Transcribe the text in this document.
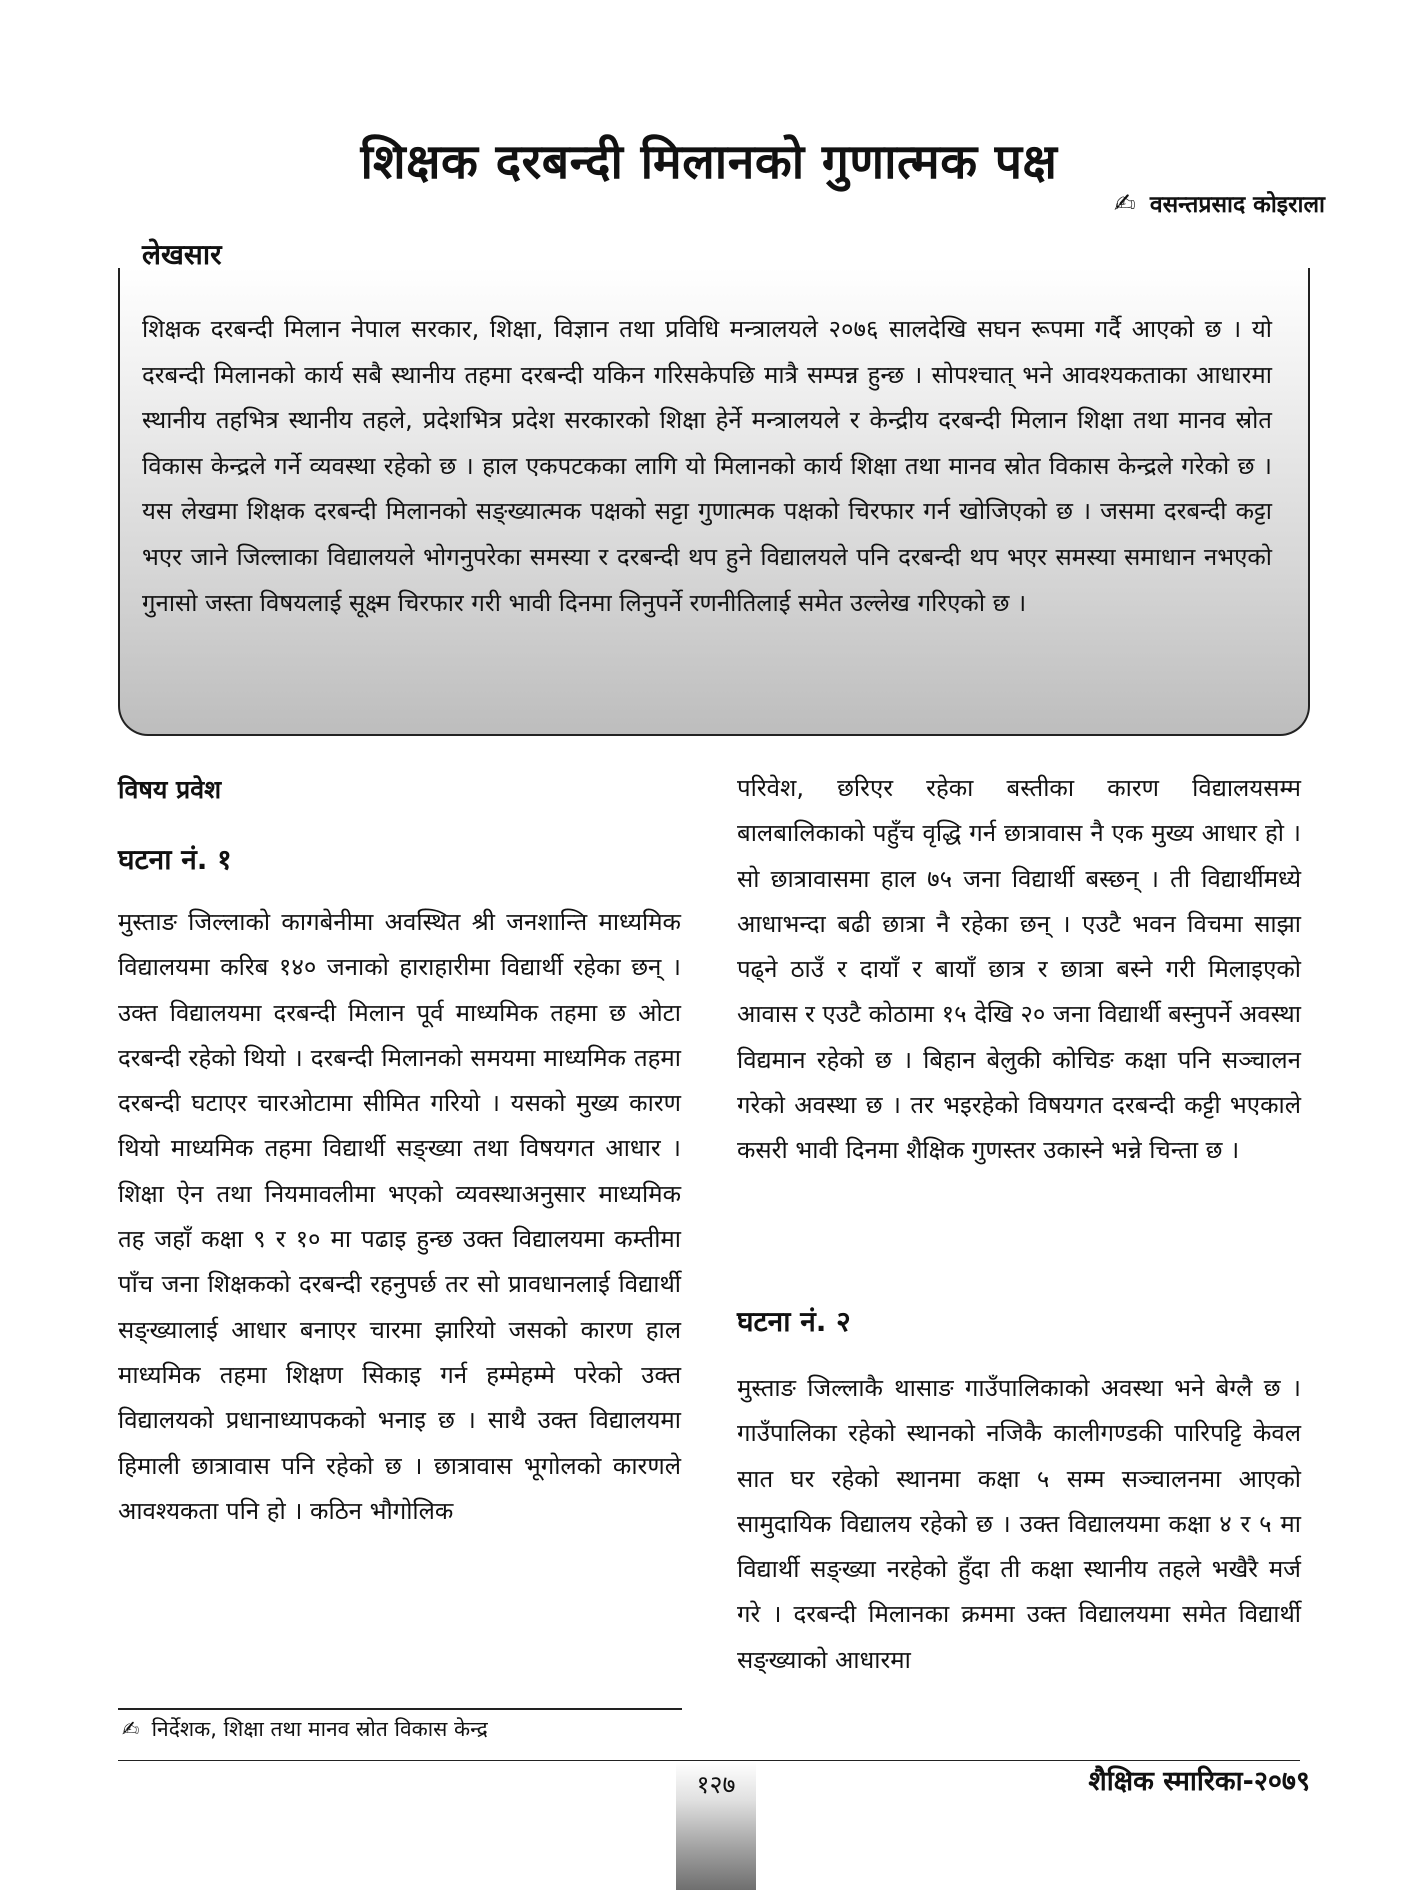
शिक्षक दरबन्दी मिलानको गुणात्मक पक्ष
✍ वसन्तप्रसाद कोइराला
लेखसार
शिक्षक दरबन्दी मिलान नेपाल सरकार, शिक्षा, विज्ञान तथा प्रविधि मन्त्रालयले २०७६ सालदेखि सघन रूपमा गर्दै आएको छ । यो दरबन्दी मिलानको कार्य सबै स्थानीय तहमा दरबन्दी यकिन गरिसकेपछि मात्रै सम्पन्न हुन्छ । सोपश्चात् भने आवश्यकताका आधारमा स्थानीय तहभित्र स्थानीय तहले, प्रदेशभित्र प्रदेश सरकारको शिक्षा हेर्ने मन्त्रालयले र केन्द्रीय दरबन्दी मिलान शिक्षा तथा मानव स्रोत विकास केन्द्रले गर्ने व्यवस्था रहेको छ । हाल एकपटकका लागि यो मिलानको कार्य शिक्षा तथा मानव स्रोत विकास केन्द्रले गरेको छ । यस लेखमा शिक्षक दरबन्दी मिलानको सङ्ख्यात्मक पक्षको सट्टा गुणात्मक पक्षको चिरफार गर्न खोजिएको छ । जसमा दरबन्दी कट्टा भएर जाने जिल्लाका विद्यालयले भोगनुपरेका समस्या र दरबन्दी थप हुने विद्यालयले पनि दरबन्दी थप भएर समस्या समाधान नभएको गुनासो जस्ता विषयलाई सूक्ष्म चिरफार गरी भावी दिनमा लिनुपर्ने रणनीतिलाई समेत उल्लेख गरिएको छ ।
विषय प्रवेश
घटना नं. १
मुस्ताङ जिल्लाको कागबेनीमा अवस्थित श्री जनशान्ति माध्यमिक विद्यालयमा करिब १४० जनाको हाराहारीमा विद्यार्थी रहेका छन् । उक्त विद्यालयमा दरबन्दी मिलान पूर्व माध्यमिक तहमा छ ओटा दरबन्दी रहेको थियो । दरबन्दी मिलानको समयमा माध्यमिक तहमा दरबन्दी घटाएर चारओटामा सीमित गरियो । यसको मुख्य कारण थियो माध्यमिक तहमा विद्यार्थी सङ्ख्या तथा विषयगत आधार । शिक्षा ऐन तथा नियमावलीमा भएको व्यवस्थाअनुसार माध्यमिक तह जहाँ कक्षा ९ र १० मा पढाइ हुन्छ उक्त विद्यालयमा कम्तीमा पाँच जना शिक्षकको दरबन्दी रहनुपर्छ तर सो प्रावधानलाई विद्यार्थी सङ्ख्यालाई आधार बनाएर चारमा झारियो जसको कारण हाल माध्यमिक तहमा शिक्षण सिकाइ गर्न हम्मेहम्मे परेको उक्त विद्यालयको प्रधानाध्यापकको भनाइ छ । साथै उक्त विद्यालयमा हिमाली छात्रावास पनि रहेको छ । छात्रावास भूगोलको कारणले आवश्यकता पनि हो । कठिन भौगोलिक
परिवेश, छरिएर रहेका बस्तीका कारण विद्यालयसम्म बालबालिकाको पहुँच वृद्धि गर्न छात्रावास नै एक मुख्य आधार हो । सो छात्रावासमा हाल ७५ जना विद्यार्थी बस्छन् । ती विद्यार्थीमध्ये आधाभन्दा बढी छात्रा नै रहेका छन् । एउटै भवन विचमा साझा पढ्ने ठाउँ र दायाँ र बायाँ छात्र र छात्रा बस्ने गरी मिलाइएको आवास र एउटै कोठामा १५ देखि २० जना विद्यार्थी बस्नुपर्ने अवस्था विद्यमान रहेको छ । बिहान बेलुकी कोचिङ कक्षा पनि सञ्चालन गरेको अवस्था छ । तर भइरहेको विषयगत दरबन्दी कट्टी भएकाले कसरी भावी दिनमा शैक्षिक गुणस्तर उकास्ने भन्ने चिन्ता छ ।
घटना नं. २
मुस्ताङ जिल्लाकै थासाङ गाउँपालिकाको अवस्था भने बेग्लै छ । गाउँपालिका रहेको स्थानको नजिकै कालीगण्डकी पारिपट्टि केवल सात घर रहेको स्थानमा कक्षा ५ सम्म सञ्चालनमा आएको सामुदायिक विद्यालय रहेको छ । उक्त विद्यालयमा कक्षा ४ र ५ मा विद्यार्थी सङ्ख्या नरहेको हुँदा ती कक्षा स्थानीय तहले भखैरै मर्ज गरे । दरबन्दी मिलानका क्रममा उक्त विद्यालयमा समेत विद्यार्थी सङ्ख्याको आधारमा
✍ निर्देशक, शिक्षा तथा मानव स्रोत विकास केन्द्र
१२७	शैक्षिक स्मारिका-२०७९
